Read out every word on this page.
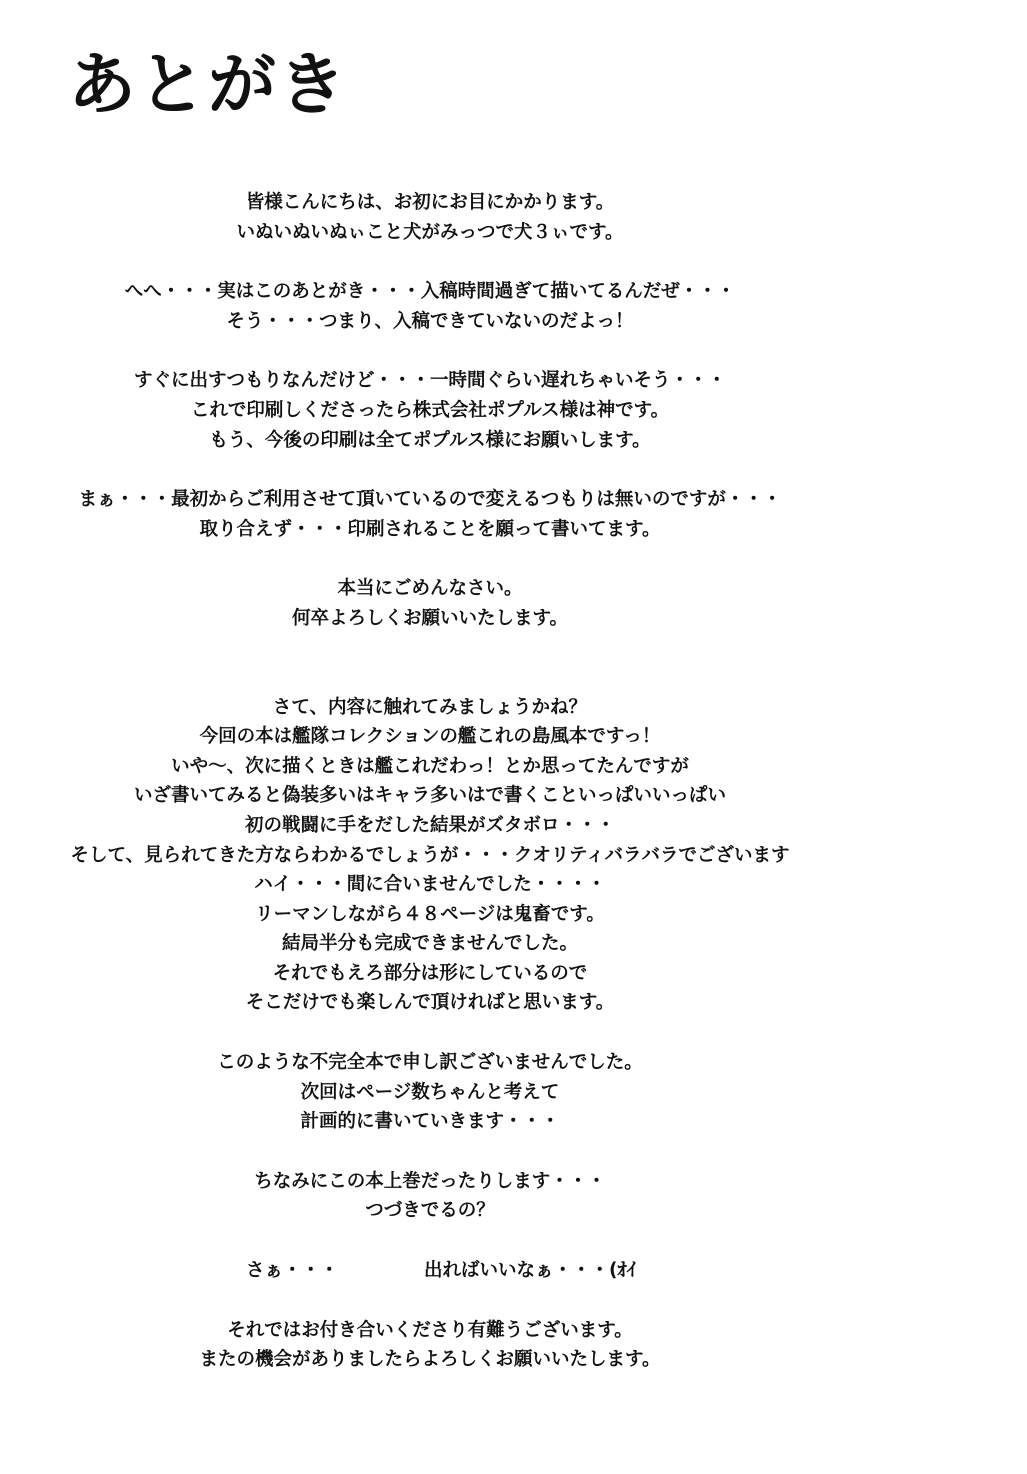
あとがき
皆様こんにちは、お初にお目にかかります。
いぬいぬいぬぃこと犬がみっつで犬３ぃです。
へへ・・・実はこのあとがき・・・入稿時間過ぎて描いてるんだぜ・・・
そう・・・つまり、入稿できていないのだよっ！
すぐに出すつもりなんだけど・・・一時間ぐらい遅れちゃいそう・・・
これで印刷しくださったら株式会社ポプルス様は神です。
もう、今後の印刷は全てポプルス様にお願いします。
まぁ・・・最初からご利用させて頂いているので変えるつもりは無いのですが・・・
取り合えず・・・印刷されることを願って書いてます。
本当にごめんなさい。
何卒よろしくお願いいたします。
さて、内容に触れてみましょうかね？
今回の本は艦隊コレクションの艦これの島風本ですっ！
いや～、次に描くときは艦これだわっ！とか思ってたんですが
いざ書いてみると偽装多いはキャラ多いはで書くこといっぱいいっぱい
初の戦闘に手をだした結果がズタボロ・・・
そして、見られてきた方ならわかるでしょうが・・・クオリティバラバラでございます
ハイ・・・間に合いませんでした・・・・
リーマンしながら４８ページは鬼畜です。
結局半分も完成できませんでした。
それでもえろ部分は形にしているので
そこだけでも楽しんで頂ければと思います。
このような不完全本で申し訳ございませんでした。
次回はページ数ちゃんと考えて
計画的に書いていきます・・・
ちなみにこの本上巻だったりします・・・
つづきでるの？
さぁ・・・	出ればいいなぁ・・・(ｵｲ
それではお付き合いくださり有難うございます。
またの機会がありましたらよろしくお願いいたします。
